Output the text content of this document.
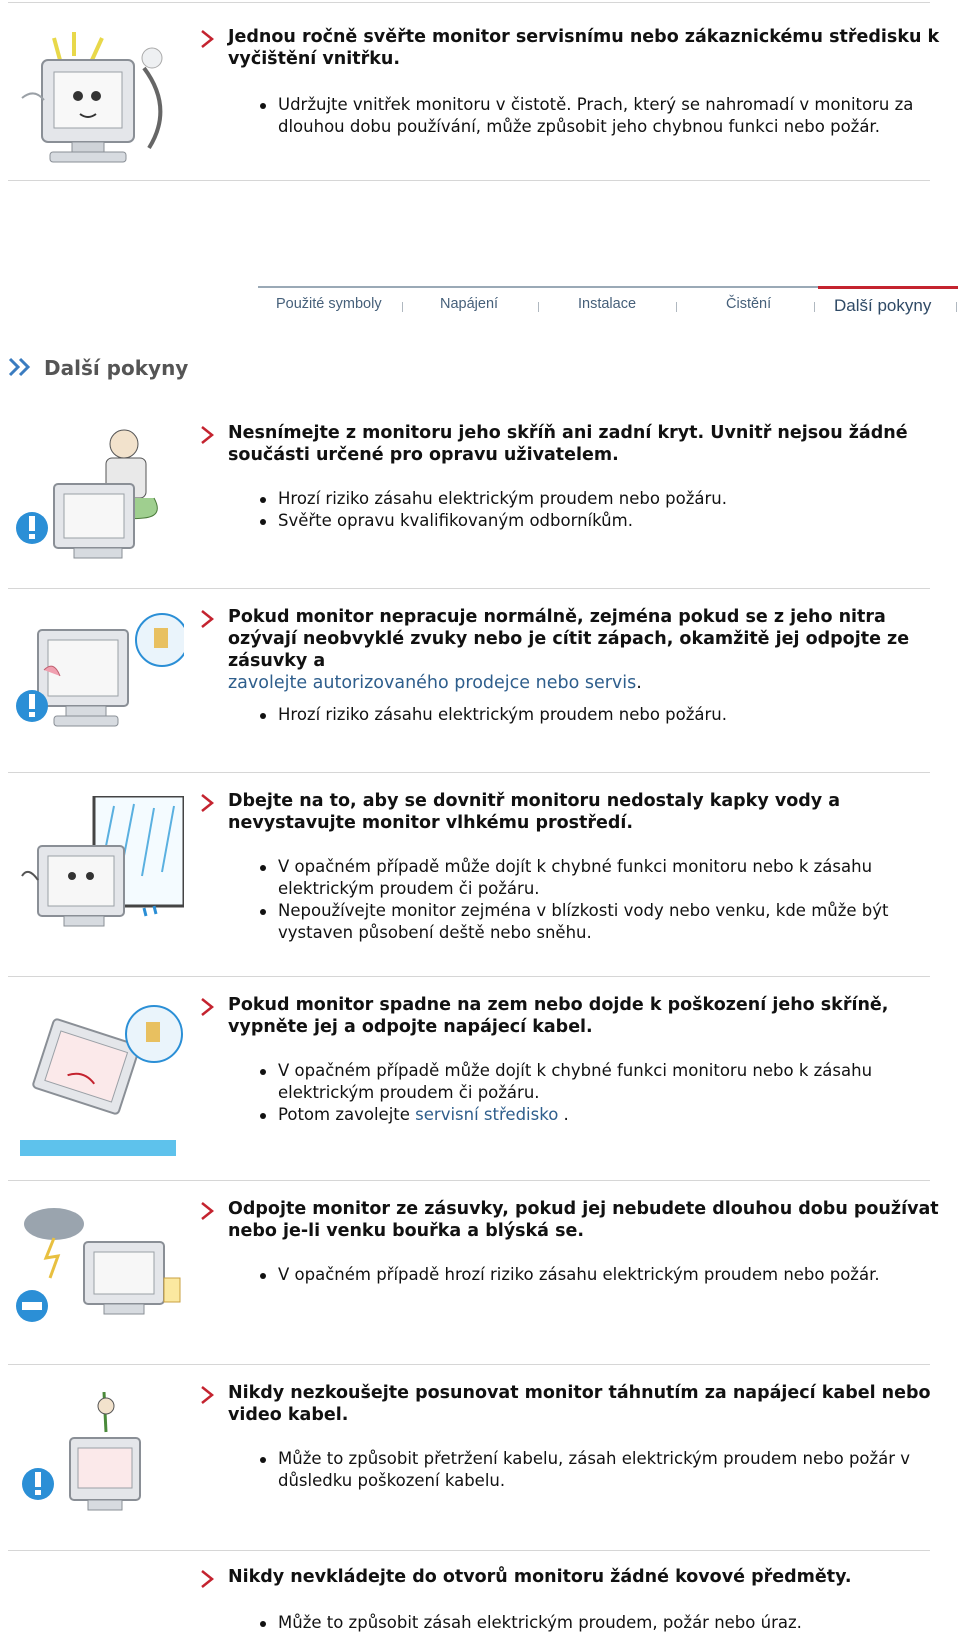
Jednou ročně svěřte monitor servisnímu nebo zákaznickému středisku k vyčištění vnitřku.
Udržujte vnitřek monitoru v čistotě. Prach, který se nahromadí v monitoru za dlouhou dobu používání, může způsobit jeho chybnou funkci nebo požár.
Použité symboly	Napájení	Instalace	Čistění	Další pokyny
Další pokyny
Nesnímejte z monitoru jeho skříň ani zadní kryt. Uvnitř nejsou žádné součásti určené pro opravu uživatelem.
Hrozí riziko zásahu elektrickým proudem nebo požáru.
Svěřte opravu kvalifikovaným odborníkům.
Pokud monitor nepracuje normálně, zejména pokud se z jeho nitra ozývají neobvyklé zvuky nebo je cítit zápach, okamžitě jej odpojte ze zásuvky a
zavolejte autorizovaného prodejce nebo servis.
Hrozí riziko zásahu elektrickým proudem nebo požáru.
Dbejte na to, aby se dovnitř monitoru nedostaly kapky vody a nevystavujte monitor vlhkému prostředí.
V opačném případě může dojít k chybné funkci monitoru nebo k zásahu elektrickým proudem či požáru.
Nepoužívejte monitor zejména v blízkosti vody nebo venku, kde může být vystaven působení deště nebo sněhu.
Pokud monitor spadne na zem nebo dojde k poškození jeho skříně, vypněte jej a odpojte napájecí kabel.
V opačném případě může dojít k chybné funkci monitoru nebo k zásahu elektrickým proudem či požáru.
Potom zavolejte servisní středisko .
Odpojte monitor ze zásuvky, pokud jej nebudete dlouhou dobu používat nebo je-li venku bouřka a blýská se.
V opačném případě hrozí riziko zásahu elektrickým proudem nebo požár.
Nikdy nezkoušejte posunovat monitor táhnutím za napájecí kabel nebo video kabel.
Může to způsobit přetržení kabelu, zásah elektrickým proudem nebo požár v důsledku poškození kabelu.
Nikdy nevkládejte do otvorů monitoru žádné kovové předměty.
Může to způsobit zásah elektrickým proudem, požár nebo úraz.
